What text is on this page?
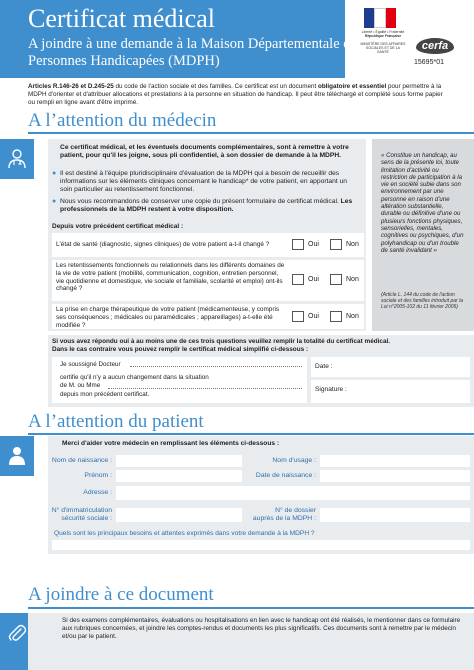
Certificat médical
A joindre à une demande à la Maison Départementale des Personnes Handicapées (MDPH)
Liberté • Égalité • Fraternité
République Française
MINISTÈRE DES AFFAIRES SOCIALES ET DE LA SANTÉ	cerfa
15695*01
Articles R.146-26 et D.245-25 du code de l'action sociale et des familles. Ce certificat est un document obligatoire et essentiel pour permettre à la MDPH d'orienter et d'attribuer allocations et prestations à la personne en situation de handicap. Il peut être téléchargé et complété sous forme papier ou rempli en ligne avant d'être imprimé.
A l’attention du médecin
Ce certificat médical, et les éventuels documents complémentaires, sont à remettre à votre patient, pour qu'il les joigne, sous pli confidentiel, à son dossier de demande à la MDPH.
● Il est destiné à l'équipe pluridisciplinaire d'évaluation de la MDPH qui a besoin de recueillir des informations sur les éléments cliniques concernant le handicap* de votre patient, en apportant un soin particulier au retentissement fonctionnel.
● Nous vous recommandons de conserver une copie du présent formulaire de certificat médical. Les professionnels de la MDPH restent à votre disposition.
Depuis votre précédent certificat médical :
L'état de santé (diagnostic, signes cliniques) de votre patient a-t-il changé ?	Oui	Non
Les retentissements fonctionnels ou relationnels dans les différents domaines de la vie de votre patient (mobilité, communication, cognition, entretien personnel, vie quotidienne et domestique, vie sociale et familiale, scolarité et emploi) ont-ils changé ?
Oui	Non
La prise en charge thérapeutique de votre patient (médicamenteuse, y compris ses conséquences ; médicales ou paramédicales ; appareillages) a-t-elle été modifiée ?
Oui	Non
« Constitue un handicap, au sens de la présente loi, toute limitation d'activité ou restriction de participation à la vie en société subie dans son environnement par une personne en raison d'une altération substantielle, durable ou définitive d'une ou plusieurs fonctions physiques, sensorielles, mentales, cognitives ou psychiques, d'un polyhandicap ou d'un trouble de santé invalidant »
(Article L. 144 du code de l'action sociale et des familles introduit par la Loi n°2005-102 du 11 février 2005)
Si vous avez répondu oui à au moins une de ces trois questions veuillez remplir la totalité du certificat médical.
Dans le cas contraire vous pouvez remplir le certificat médical simplifié ci-dessous :
Je soussigné Docteur
certifie qu'il n'y a aucun changement dans la situation
de M. ou Mme
depuis mon précédent certificat.
Date :
Signature :
A l’attention du patient
Merci d'aider votre médecin en remplissant les éléments ci-dessous :
Nom de naissance :	Nom d'usage :
Prénom :	Date de naissance :
Adresse :
N° d'immatriculation
sécurité sociale :
N° de dossier
auprès de la MDPH :
Quels sont les principaux besoins et attentes exprimés dans votre demande à la MDPH ?
A joindre à ce document
Si des examens complémentaires, évaluations ou hospitalisations en lien avec le handicap ont été réalisés, le mentionner dans ce formulaire aux rubriques concernées, et joindre les comptes-rendus et documents les plus significatifs. Ces documents sont à remettre par le médecin et/ou par le patient.
